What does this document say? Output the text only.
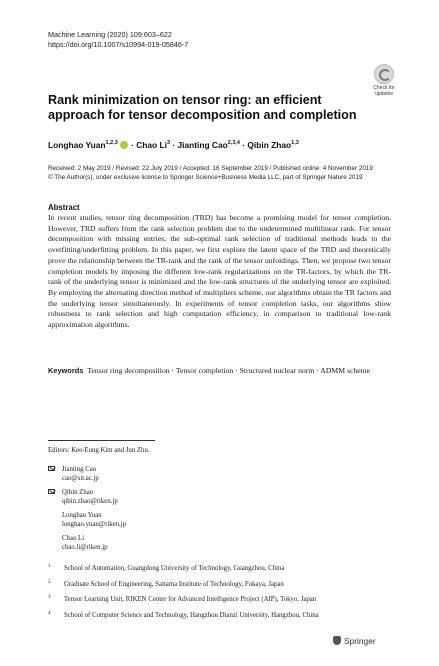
Machine Learning (2020) 109:603–622
https://doi.org/10.1007/s10994-019-05846-7
Check for
updates
Rank minimization on tensor ring: an efficient approach for tensor decomposition and completion
Longhao Yuan$^{1,2,3}$ · Chao $Li^3$ · Jianting Cao$^{2,3,4}$ · Qibin Zhao$^{1,3}$
Received: 2 May 2019 / Revised: 22 July 2019 / Accepted: 16 September 2019 / Published online: 4 November 2019
© The Author(s), under exclusive licence to Springer Science+Business Media LLC, part of Springer Nature 2019
Abstract
In recent studies, tensor ring decomposition (TRD) has become a promising model for tensor completion. However, TRD suffers from the rank selection problem due to the undetermined multilinear rank. For tensor decomposition with missing entries, the sub-optimal rank selection of traditional methods leads to the overfitting/underfitting problem. In this paper, we first explore the latent space of the TRD and theoretically prove the relationship between the TR-rank and the rank of the tensor unfoldings. Then, we propose two tensor completion models by imposing the different low-rank regularizations on the TR-factors, by which the TR-rank of the underlying tensor is minimized and the low-rank structures of the underlying tensor are exploited. By employing the alternating direction method of multipliers scheme, our algorithms obtain the TR factors and the underlying tensor simultaneously. In experiments of tensor completion tasks, our algorithms show robustness to rank selection and high computation efficiency, in comparison to traditional low-rank approximation algorithms.
Keywords Tensor ring decomposition · Tensor completion · Structured nuclear norm · ADMM scheme
Editors: Kee-Eung Kim and Jun Zhu.
Jianting Cao
cao@sit.ac.jp
Qibin Zhao
qibin.zhao@riken.jp
Longhao Yuan
longhao.yuan@riken.jp
Chao Li
chao.li@riken.jp
1 School of Automation, Guangdong University of Technology, Guangzhou, China
2 Graduate School of Engineering, Saitama Institute of Technology, Fukaya, Japan
3 Tensor Learning Unit, RIKEN Center for Advanced Intelligence Project (AIP), Tokyo, Japan
4 School of Computer Science and Technology, Hangzhou Dianzi University, Hangzhou, China
Springer
